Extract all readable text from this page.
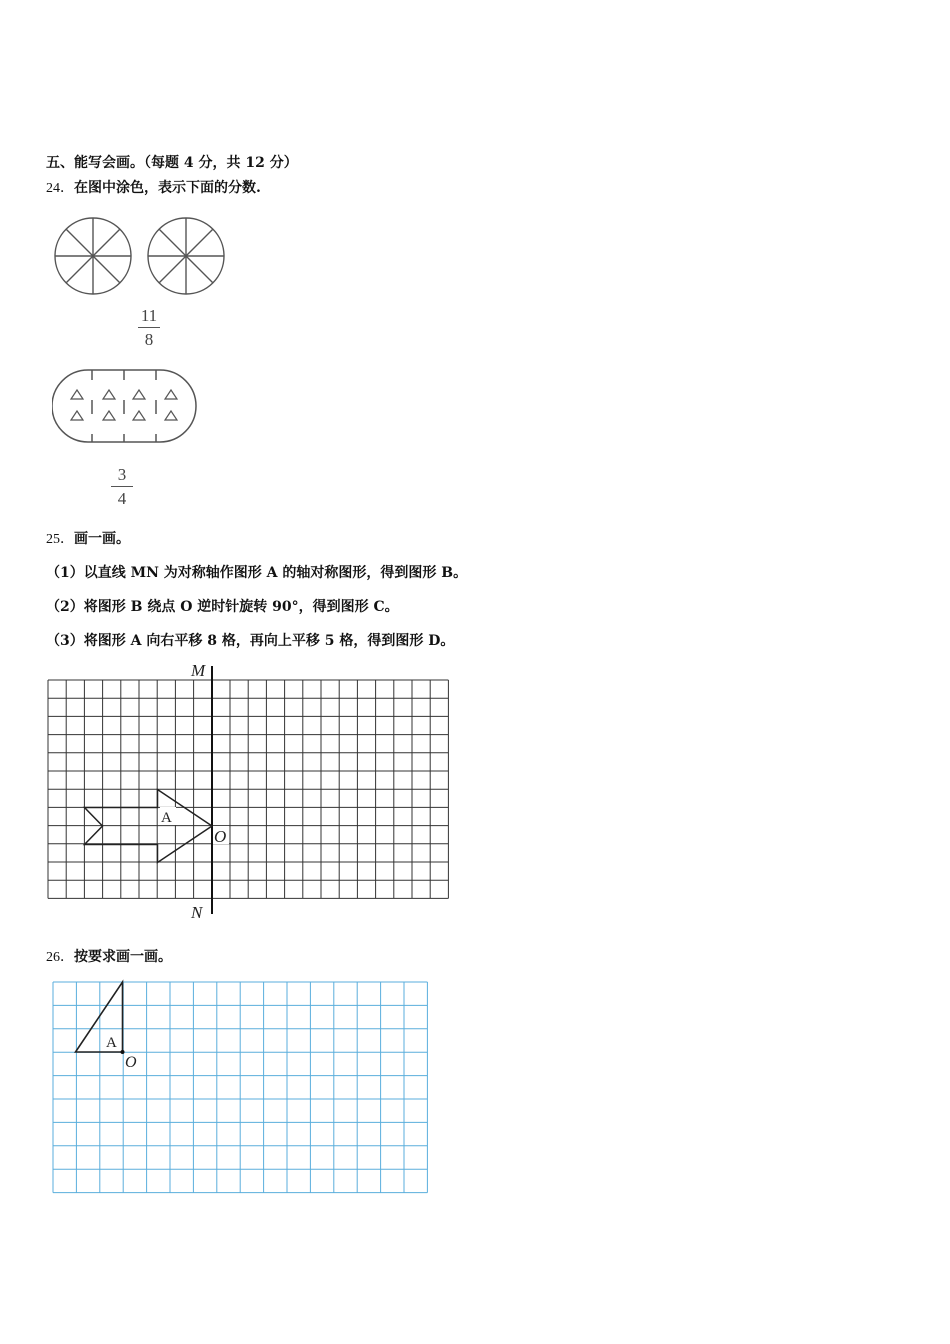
五、能写会画。（每题 4 分，共 12 分）
24．在图中涂色，表示下面的分数.
11
8
3
4
25．画一画。
（1）以直线 MN 为对称轴作图形 A 的轴对称图形，得到图形 B。
（2）将图形 B 绕点 O 逆时针旋转 90°，得到图形 C。
（3）将图形 A 向右平移 8 格，再向上平移 5 格，得到图形 D。
M
N
A
O
26．按要求画一画。
A
O
